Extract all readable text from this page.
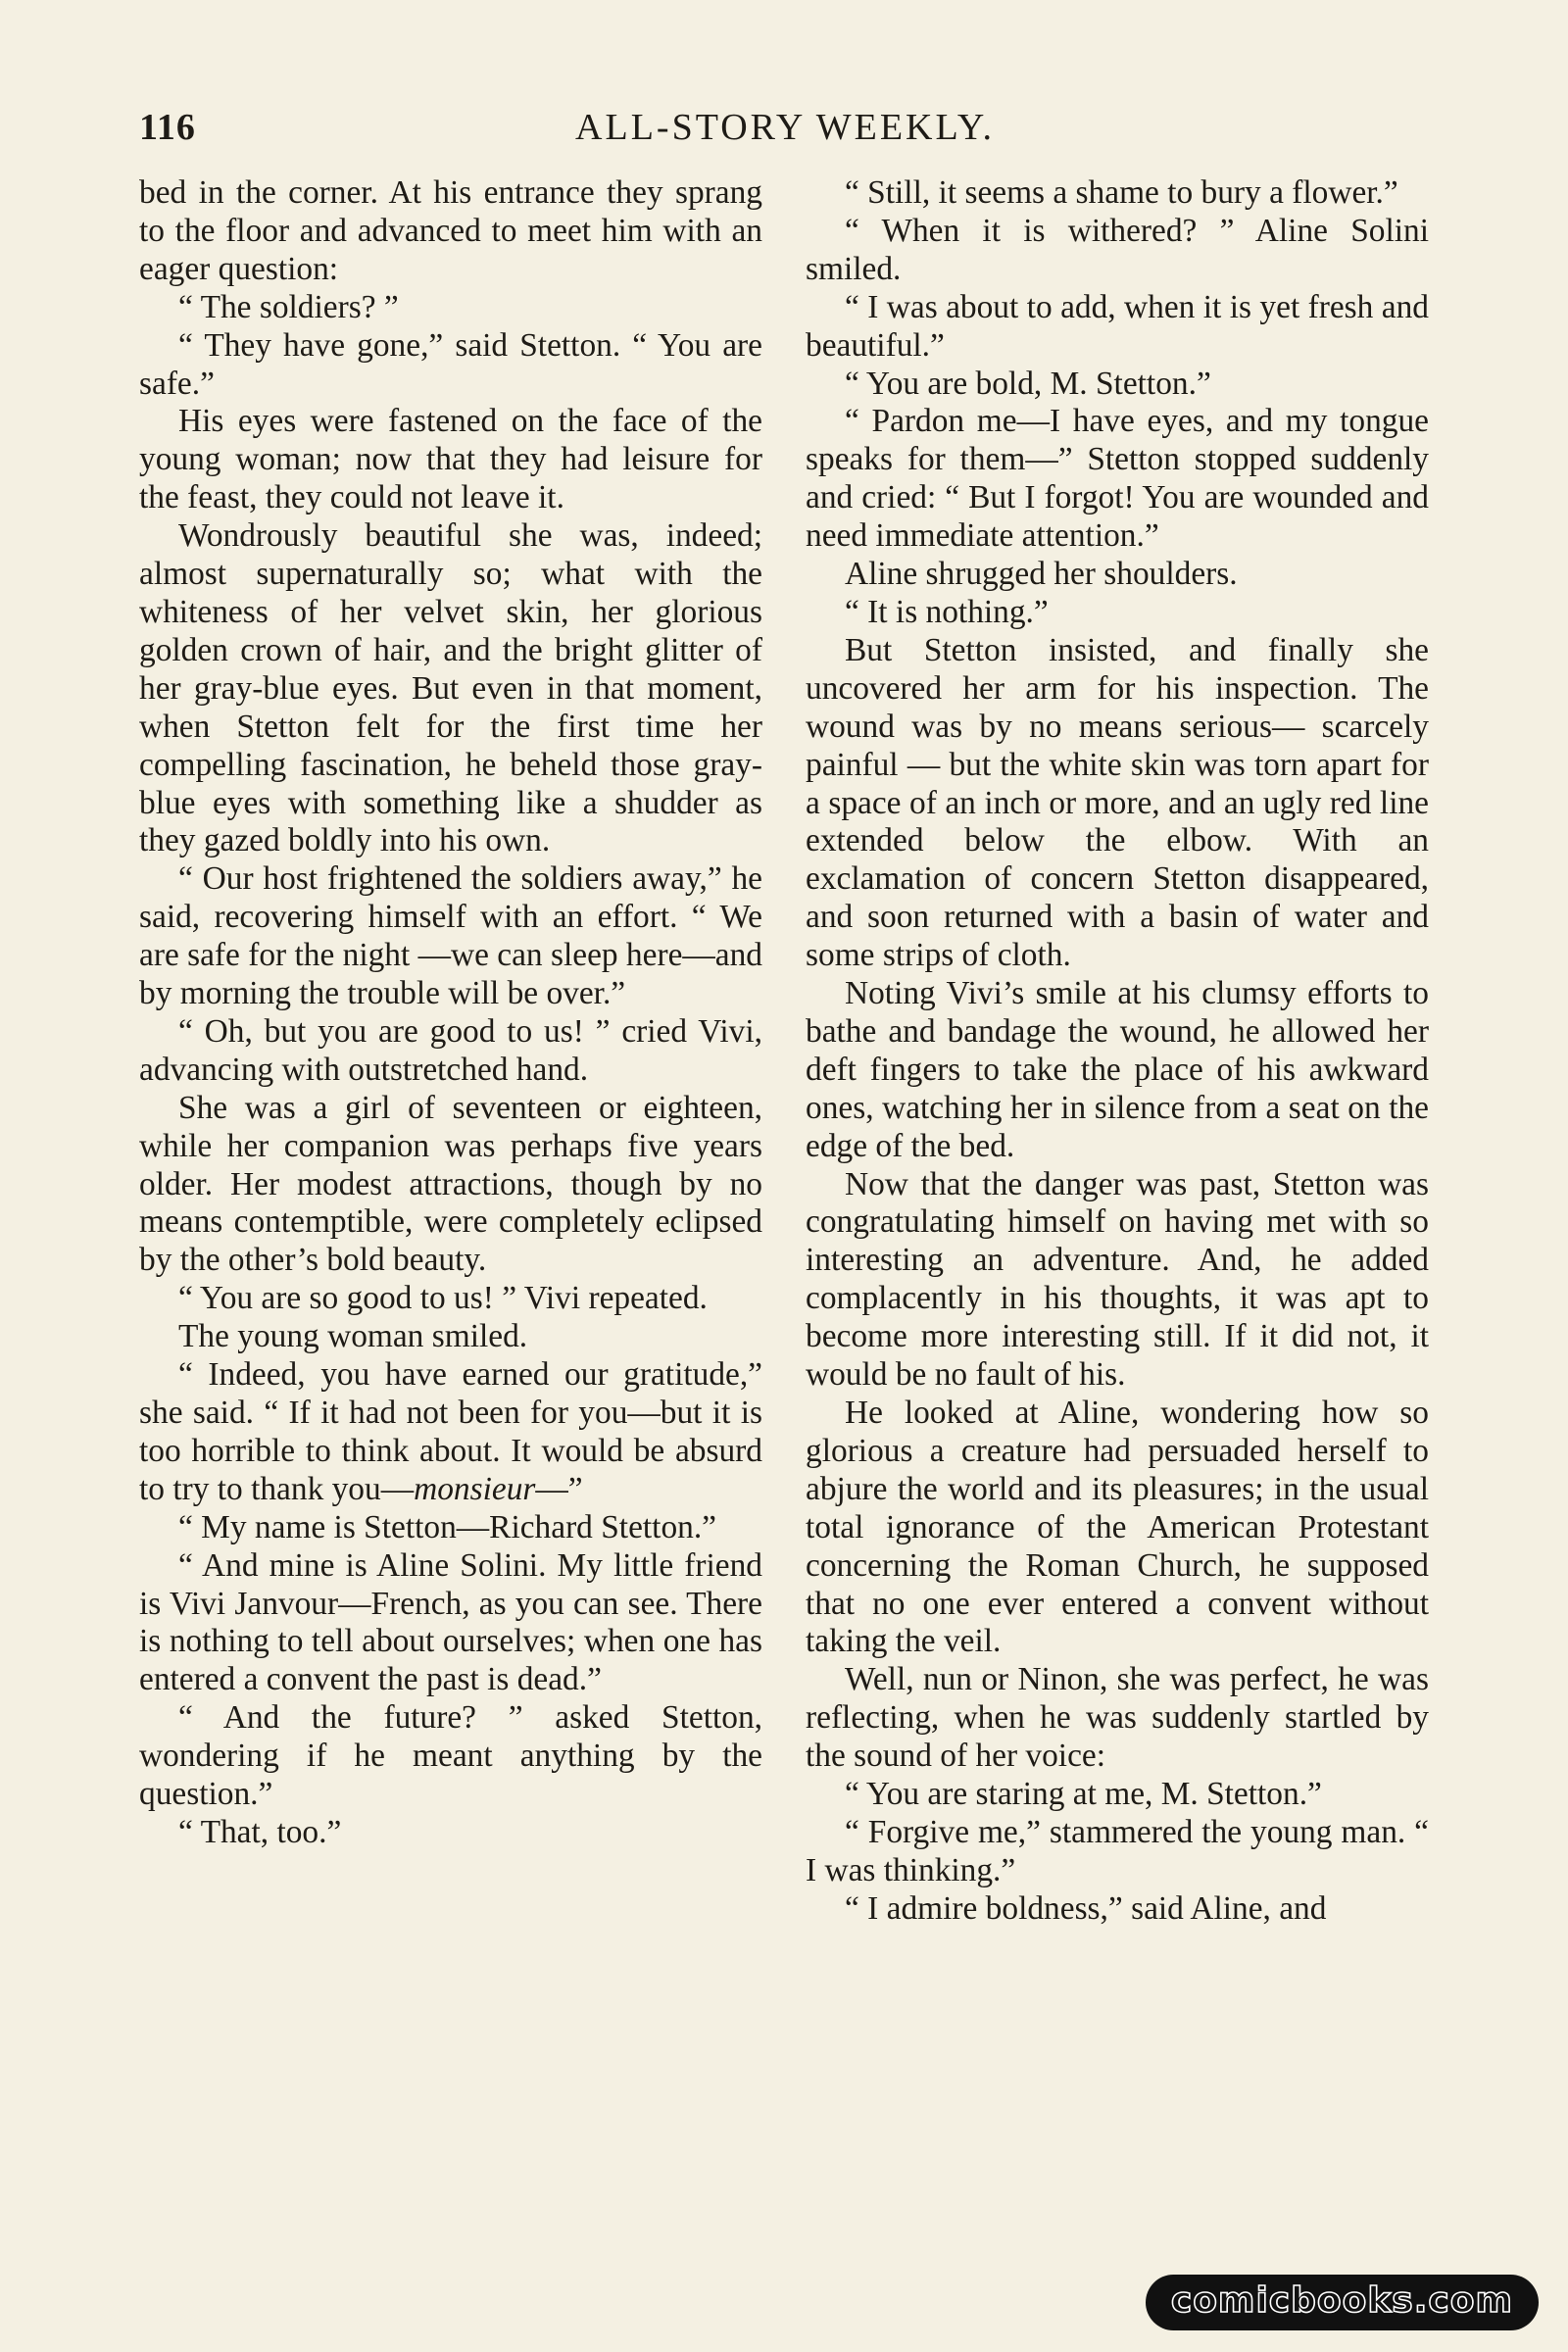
116	ALL-STORY WEEKLY.

bed in the corner. At his entrance they sprang to the floor and advanced to meet him with an eager question:

“ The soldiers? ”

“ They have gone,” said Stetton. “ You are safe.”

His eyes were fastened on the face of the young woman; now that they had leisure for the feast, they could not leave it.

Wondrously beautiful she was, indeed; almost supernaturally so; what with the whiteness of her velvet skin, her glorious golden crown of hair, and the bright glitter of her gray-blue eyes. But even in that moment, when Stetton felt for the first time her compelling fascination, he beheld those gray-blue eyes with something like a shudder as they gazed boldly into his own.

“ Our host frightened the soldiers away,” he said, recovering himself with an effort. “ We are safe for the night —we can sleep here—and by morning the trouble will be over.”

“ Oh, but you are good to us! ” cried Vivi, advancing with outstretched hand.

She was a girl of seventeen or eighteen, while her companion was perhaps five years older. Her modest attractions, though by no means contemptible, were completely eclipsed by the other’s bold beauty.

“ You are so good to us! ” Vivi repeated.

The young woman smiled.

“ Indeed, you have earned our gratitude,” she said. “ If it had not been for you—but it is too horrible to think about. It would be absurd to try to thank you—monsieur—”

“ My name is Stetton—Richard Stetton.”

“ And mine is Aline Solini. My little friend is Vivi Janvour—French, as you can see. There is nothing to tell about ourselves; when one has entered a convent the past is dead.”

“ And the future? ” asked Stetton, wondering if he meant anything by the question.”

“ That, too.”

“ Still, it seems a shame to bury a flower.”

“ When it is withered? ” Aline Solini smiled.

“ I was about to add, when it is yet fresh and beautiful.”

“ You are bold, M. Stetton.”

“ Pardon me—I have eyes, and my tongue speaks for them—” Stetton stopped suddenly and cried: “ But I forgot! You are wounded and need immediate attention.”

Aline shrugged her shoulders.

“ It is nothing.”

But Stetton insisted, and finally she uncovered her arm for his inspection. The wound was by no means serious— scarcely painful — but the white skin was torn apart for a space of an inch or more, and an ugly red line extended below the elbow. With an exclamation of concern Stetton disappeared, and soon returned with a basin of water and some strips of cloth.

Noting Vivi’s smile at his clumsy efforts to bathe and bandage the wound, he allowed her deft fingers to take the place of his awkward ones, watching her in silence from a seat on the edge of the bed.

Now that the danger was past, Stetton was congratulating himself on having met with so interesting an adventure. And, he added complacently in his thoughts, it was apt to become more interesting still. If it did not, it would be no fault of his.

He looked at Aline, wondering how so glorious a creature had persuaded herself to abjure the world and its pleasures; in the usual total ignorance of the American Protestant concerning the Roman Church, he supposed that no one ever entered a convent without taking the veil.

Well, nun or Ninon, she was perfect, he was reflecting, when he was suddenly startled by the sound of her voice:

“ You are staring at me, M. Stetton.”

“ Forgive me,” stammered the young man. “ I was thinking.”

“ I admire boldness,” said Aline, and

comicbooks.com
